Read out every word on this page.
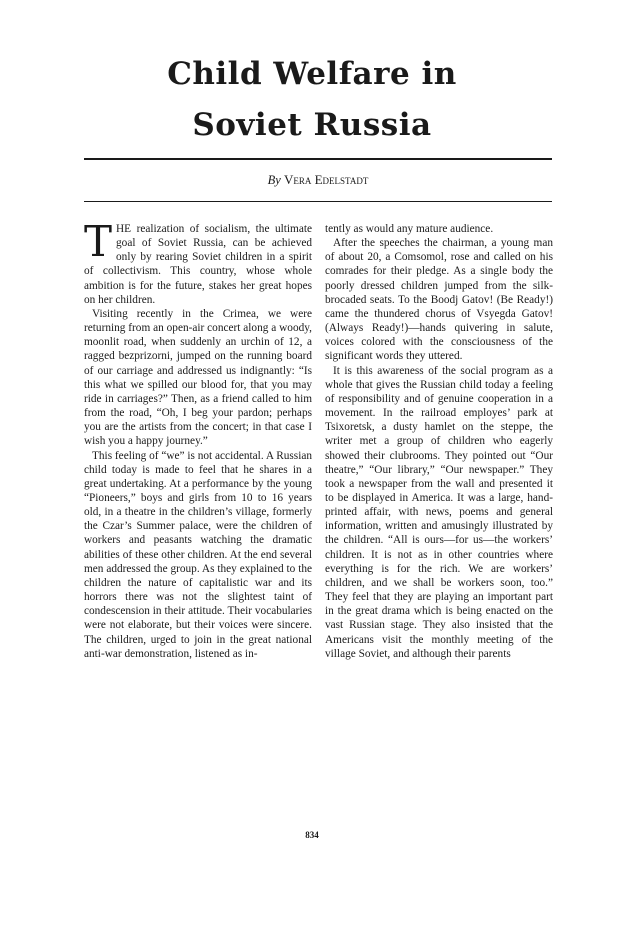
Child Welfare in
Soviet Russia
By Vera Edelstadt

THE realization of socialism, the ultimate goal of Soviet Russia, can be achieved only by rearing Soviet children in a spirit of collectivism. This country, whose whole ambition is for the future, stakes her great hopes on her children.

Visiting recently in the Crimea, we were returning from an open-air concert along a woody, moonlit road, when suddenly an urchin of 12, a ragged bezprizorni, jumped on the running board of our carriage and addressed us indignantly: “Is this what we spilled our blood for, that you may ride in carriages?” Then, as a friend called to him from the road, “Oh, I beg your pardon; perhaps you are the artists from the concert; in that case I wish you a happy journey.”

This feeling of “we” is not accidental. A Russian child today is made to feel that he shares in a great undertaking. At a performance by the young “Pioneers,” boys and girls from 10 to 16 years old, in a theatre in the children’s village, formerly the Czar’s Summer palace, were the children of workers and peasants watching the dramatic abilities of these other children. At the end several men addressed the group. As they explained to the children the nature of capitalistic war and its horrors there was not the slightest taint of condescension in their attitude. Their vocabularies were not elaborate, but their voices were sincere. The children, urged to join in the great national anti-war demonstration, listened as in-

tently as would any mature audience.

After the speeches the chairman, a young man of about 20, a Comsomol, rose and called on his comrades for their pledge. As a single body the poorly dressed children jumped from the silk-brocaded seats. To the Boodj Gatov! (Be Ready!) came the thundered chorus of Vsyegda Gatov! (Always Ready!)—hands quivering in salute, voices colored with the consciousness of the significant words they uttered.

It is this awareness of the social program as a whole that gives the Russian child today a feeling of responsibility and of genuine cooperation in a movement. In the railroad employes’ park at Tsixoretsk, a dusty hamlet on the steppe, the writer met a group of children who eagerly showed their clubrooms. They pointed out “Our theatre,” “Our library,” “Our newspaper.” They took a newspaper from the wall and presented it to be displayed in America. It was a large, hand-printed affair, with news, poems and general information, written and amusingly illustrated by the children. “All is ours—for us—the workers’ children. It is not as in other countries where everything is for the rich. We are workers’ children, and we shall be workers soon, too.” They feel that they are playing an important part in the great drama which is being enacted on the vast Russian stage. They also insisted that the Americans visit the monthly meeting of the village Soviet, and although their parents

834
